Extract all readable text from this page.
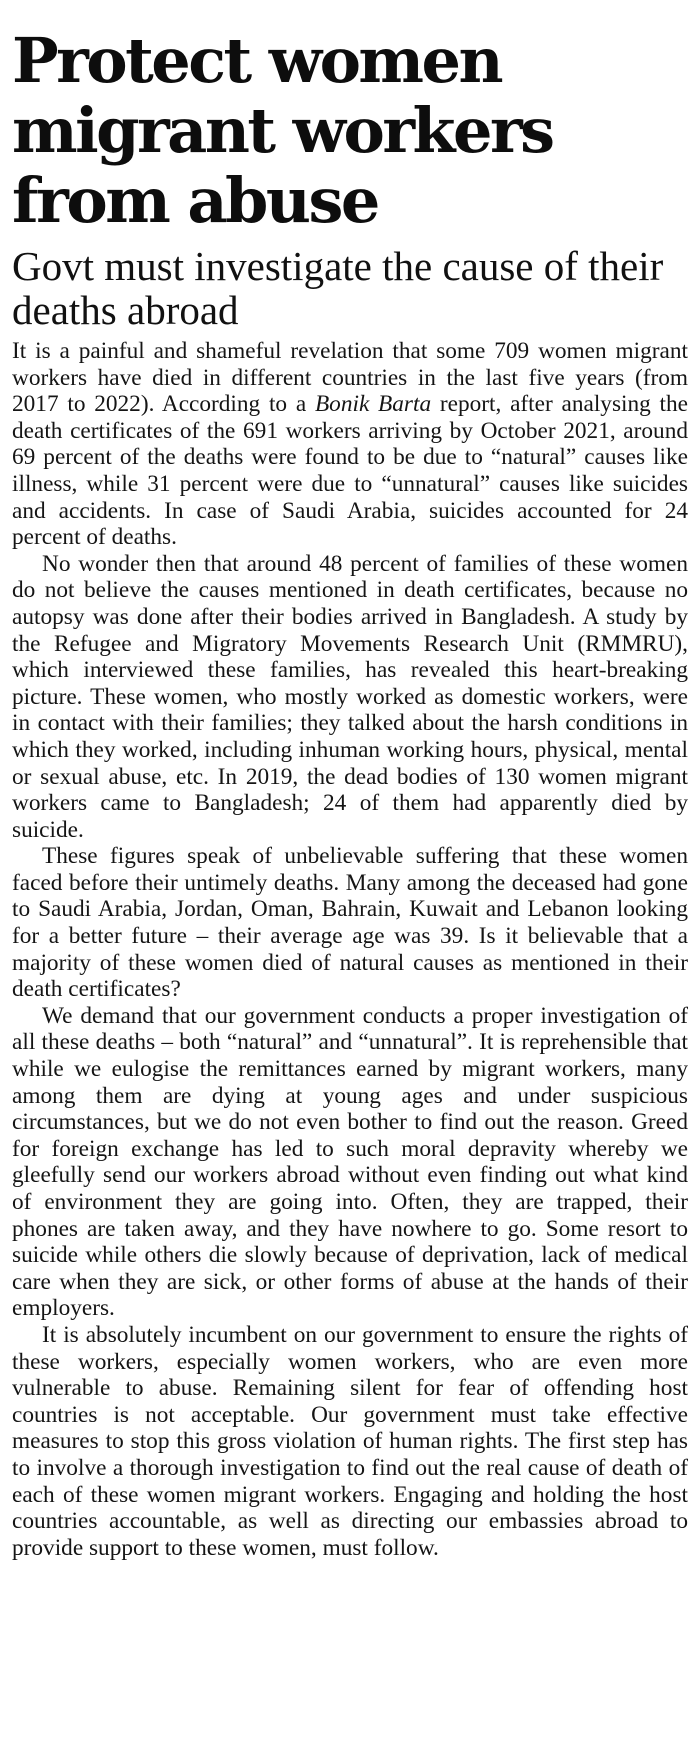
Protect women migrant workers from abuse
Govt must investigate the cause of their deaths abroad

It is a painful and shameful revelation that some 709 women migrant workers have died in different countries in the last five years (from 2017 to 2022). According to a Bonik Barta report, after analysing the death certificates of the 691 workers arriving by October 2021, around 69 percent of the deaths were found to be due to “natural” causes like illness, while 31 percent were due to “unnatural” causes like suicides and accidents. In case of Saudi Arabia, suicides accounted for 24 percent of deaths.

No wonder then that around 48 percent of families of these women do not believe the causes mentioned in death certificates, because no autopsy was done after their bodies arrived in Bangladesh. A study by the Refugee and Migratory Movements Research Unit (RMMRU), which interviewed these families, has revealed this heart-breaking picture. These women, who mostly worked as domestic workers, were in contact with their families; they talked about the harsh conditions in which they worked, including inhuman working hours, physical, mental or sexual abuse, etc. In 2019, the dead bodies of 130 women migrant workers came to Bangladesh; 24 of them had apparently died by suicide.

These figures speak of unbelievable suffering that these women faced before their untimely deaths. Many among the deceased had gone to Saudi Arabia, Jordan, Oman, Bahrain, Kuwait and Lebanon looking for a better future – their average age was 39. Is it believable that a majority of these women died of natural causes as mentioned in their death certificates?

We demand that our government conducts a proper investigation of all these deaths – both “natural” and “unnatural”. It is reprehensible that while we eulogise the remittances earned by migrant workers, many among them are dying at young ages and under suspicious circumstances, but we do not even bother to find out the reason. Greed for foreign exchange has led to such moral depravity whereby we gleefully send our workers abroad without even finding out what kind of environment they are going into. Often, they are trapped, their phones are taken away, and they have nowhere to go. Some resort to suicide while others die slowly because of deprivation, lack of medical care when they are sick, or other forms of abuse at the hands of their employers.

It is absolutely incumbent on our government to ensure the rights of these workers, especially women workers, who are even more vulnerable to abuse. Remaining silent for fear of offending host countries is not acceptable. Our government must take effective measures to stop this gross violation of human rights. The first step has to involve a thorough investigation to find out the real cause of death of each of these women migrant workers. Engaging and holding the host countries accountable, as well as directing our embassies abroad to provide support to these women, must follow.
